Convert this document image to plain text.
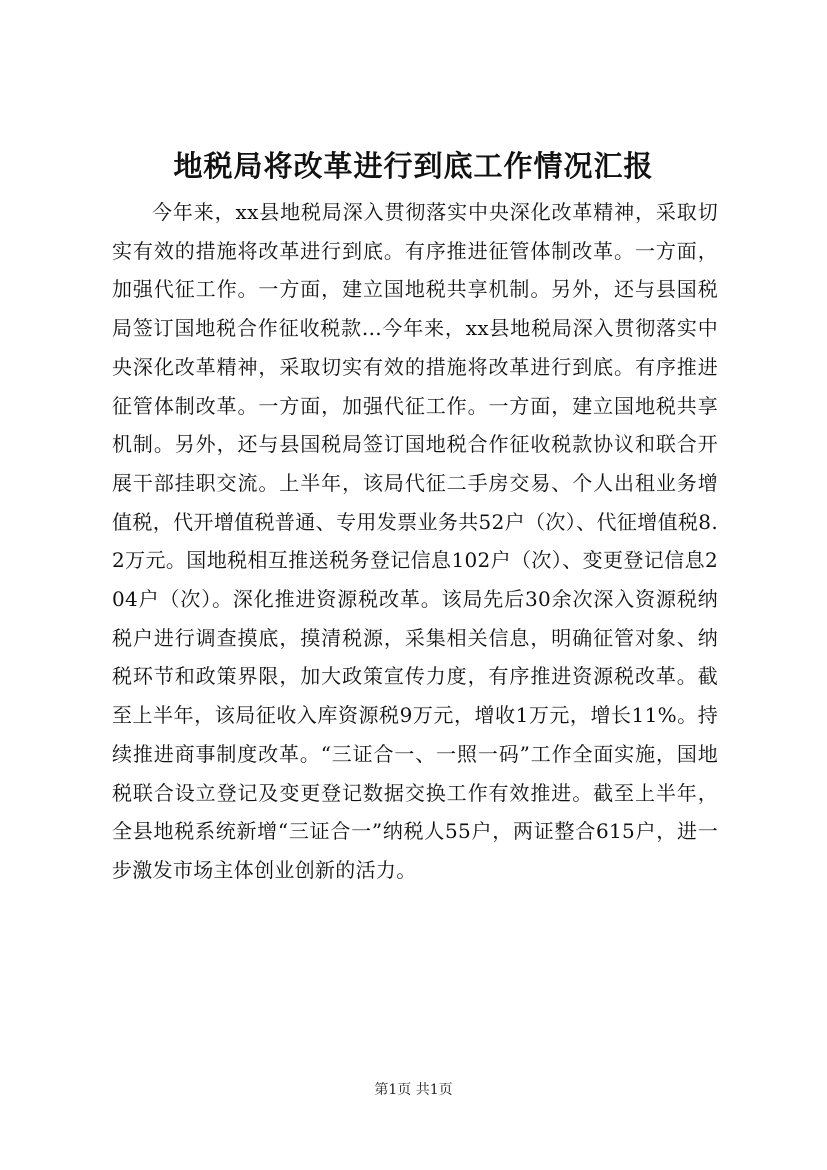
地税局将改革进行到底工作情况汇报

今年来，xx县地税局深入贯彻落实中央深化改革精神，采取切实有效的措施将改革进行到底。有序推进征管体制改革。一方面，加强代征工作。一方面，建立国地税共享机制。另外，还与县国税局签订国地税合作征收税款...今年来，xx县地税局深入贯彻落实中央深化改革精神，采取切实有效的措施将改革进行到底。有序推进征管体制改革。一方面，加强代征工作。一方面，建立国地税共享机制。另外，还与县国税局签订国地税合作征收税款协议和联合开展干部挂职交流。上半年，该局代征二手房交易、个人出租业务增值税，代开增值税普通、专用发票业务共52户（次）、代征增值税8.2万元。国地税相互推送税务登记信息102户（次）、变更登记信息204户（次）。深化推进资源税改革。该局先后30余次深入资源税纳税户进行调查摸底，摸清税源，采集相关信息，明确征管对象、纳税环节和政策界限，加大政策宣传力度，有序推进资源税改革。截至上半年，该局征收入库资源税9万元，增收1万元，增长11%。持续推进商事制度改革。“三证合一、一照一码”工作全面实施，国地税联合设立登记及变更登记数据交换工作有效推进。截至上半年，全县地税系统新增“三证合一”纳税人55户，两证整合615户，进一步激发市场主体创业创新的活力。

第1页 共1页
